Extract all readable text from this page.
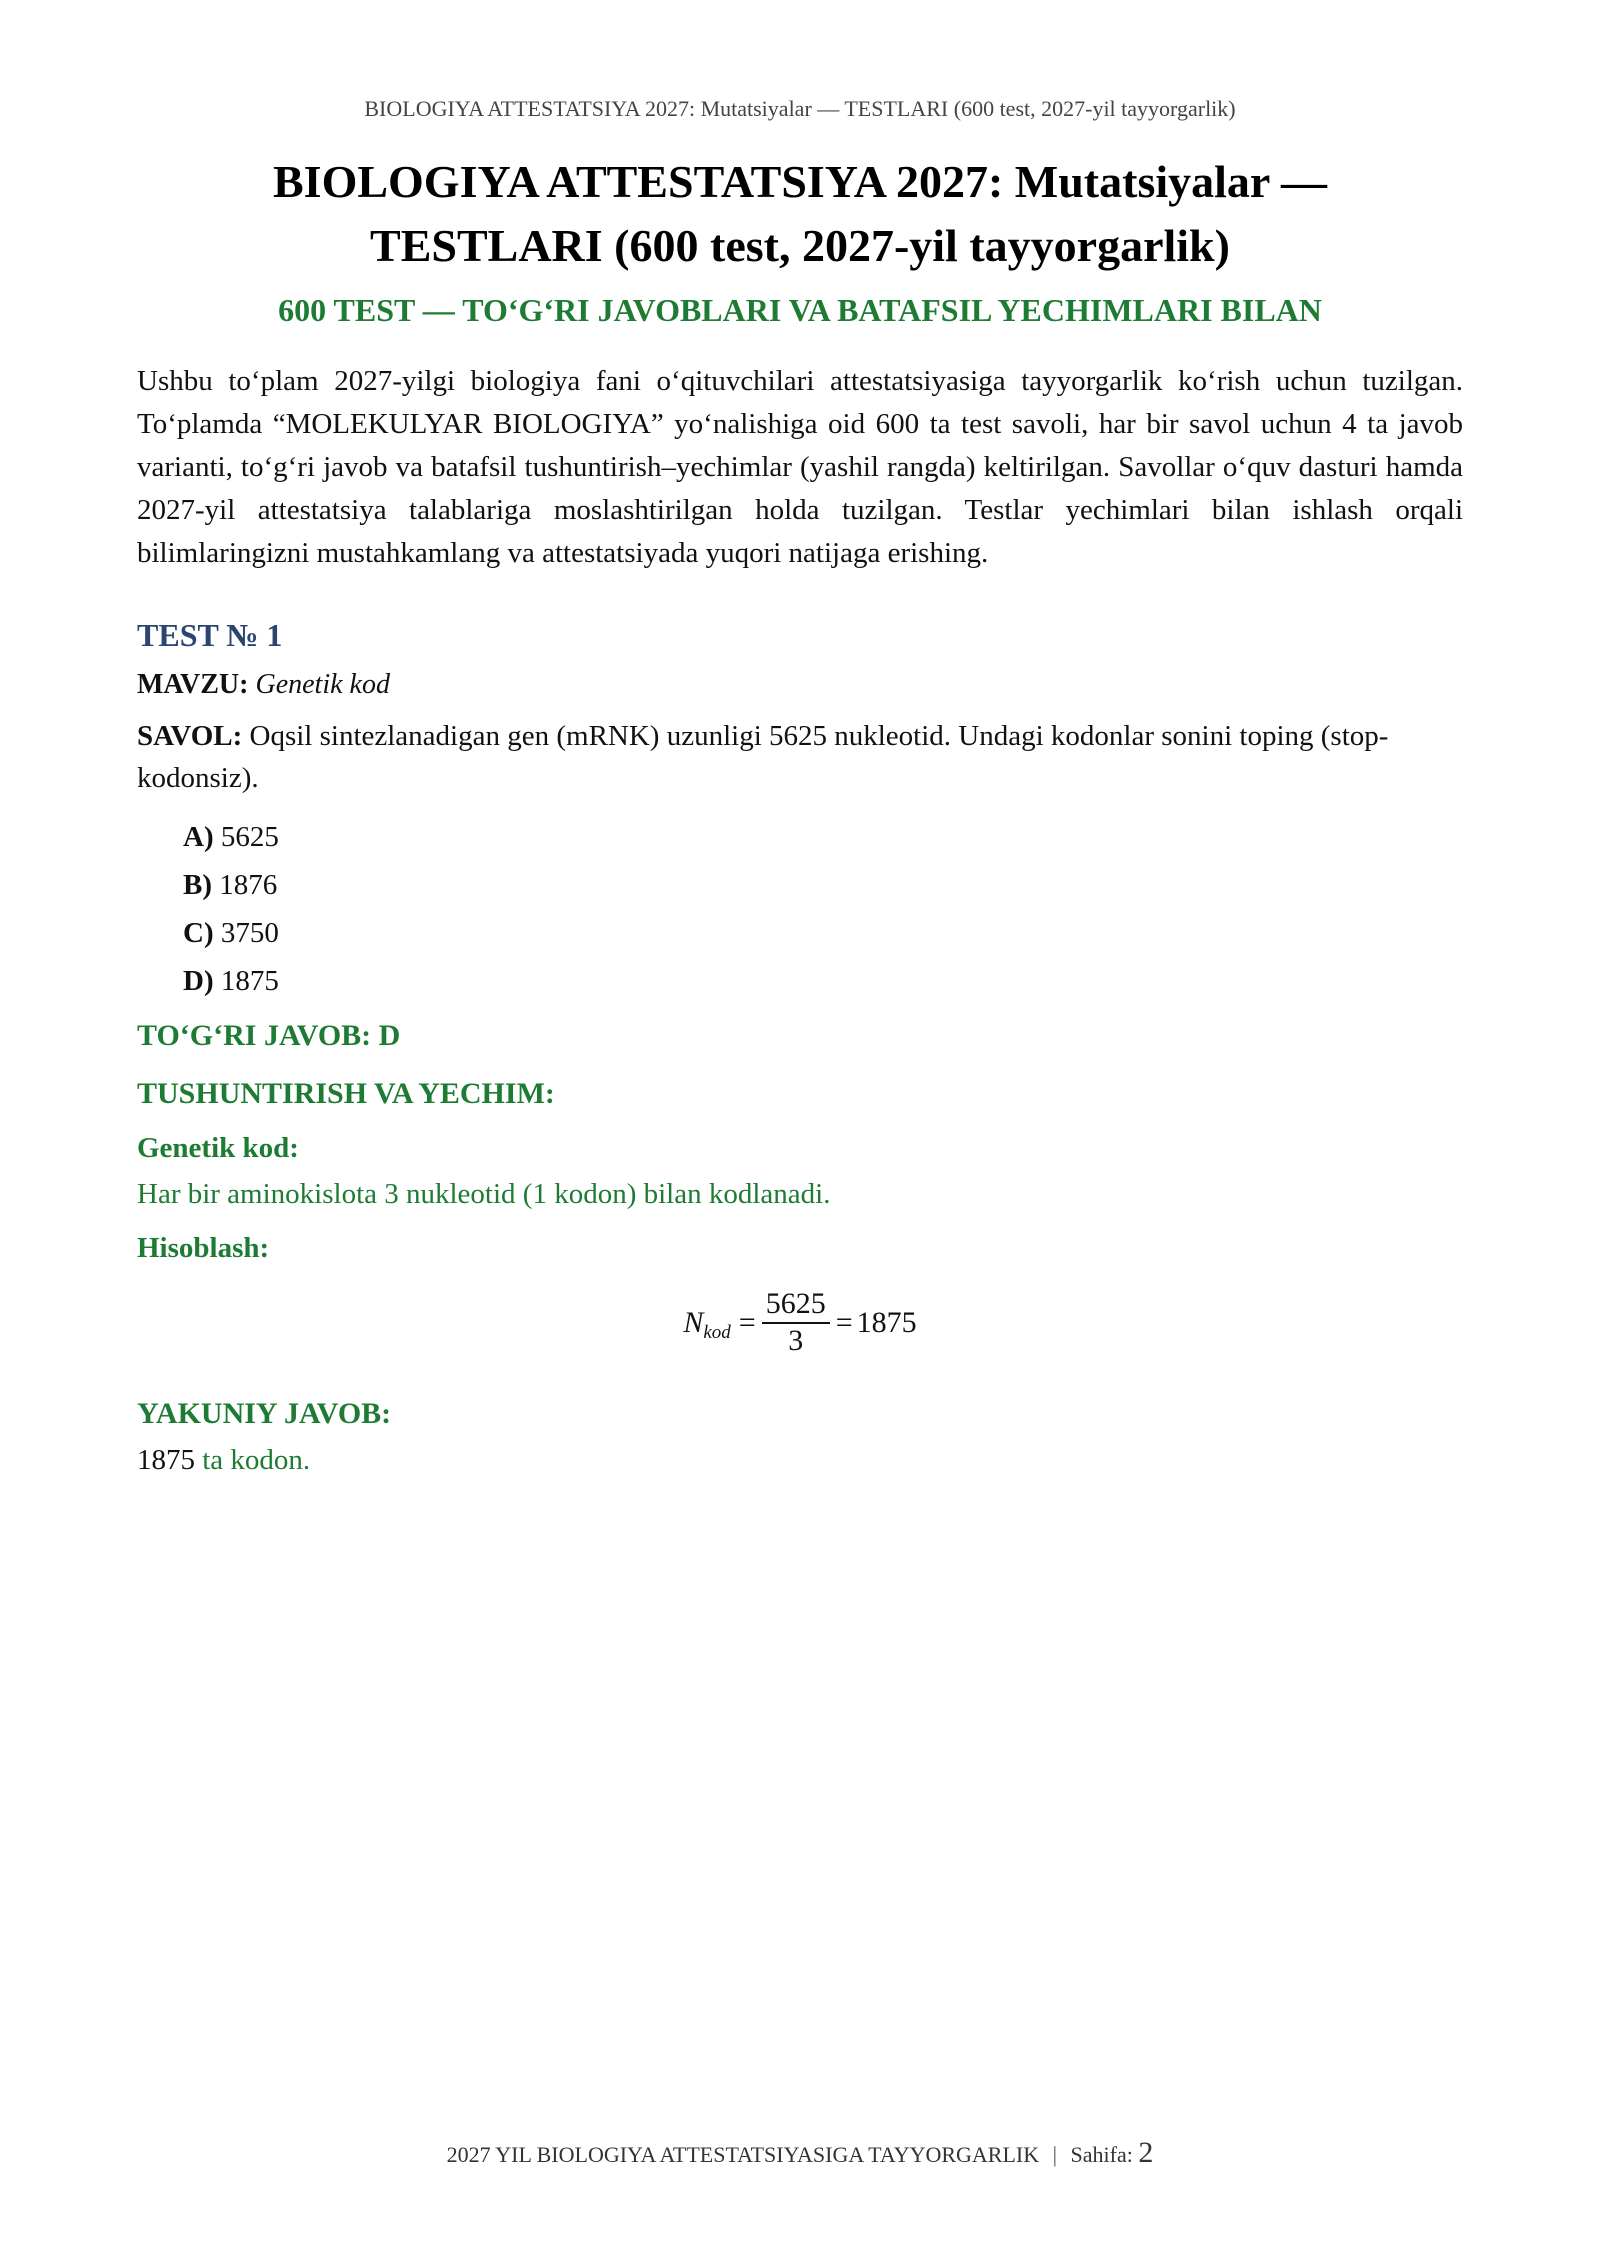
BIOLOGIYA ATTESTATSIYA 2027: Mutatsiyalar — TESTLARI (600 test, 2027-yil tayyorgarlik)
BIOLOGIYA ATTESTATSIYA 2027: Mutatsiyalar —
TESTLARI (600 test, 2027-yil tayyorgarlik)
600 TEST — TO‘G‘RI JAVOBLARI VA BATAFSIL YECHIMLARI BILAN

Ushbu to‘plam 2027-yilgi biologiya fani o‘qituvchilari attestatsiyasiga tayyorgarlik ko‘rish uchun tuzilgan. To‘plamda “MOLEKULYAR BIOLOGIYA” yo‘nalishiga oid 600 ta test savoli, har bir savol uchun 4 ta javob varianti, to‘g‘ri javob va batafsil tushuntirish–yechimlar (yashil rangda) keltirilgan. Savollar o‘quv dasturi hamda 2027-yil attestatsiya talablariga moslashtirilgan holda tuzilgan. Testlar yechimlari bilan ishlash orqali bilimlaringizni mustahkamlang va attestatsiyada yuqori natijaga erishing.

TEST № 1
MAVZU: Genetik kod
SAVOL: Oqsil sintezlanadigan gen (mRNK) uzunligi 5625 nukleotid. Undagi kodonlar sonini toping (stop-kodonsiz).
A) 5625
B) 1876
C) 3750
D) 1875
TO‘G‘RI JAVOB: D
TUSHUNTIRISH VA YECHIM:
Genetik kod:
Har bir aminokislota 3 nukleotid (1 kodon) bilan kodlanadi.
Hisoblash:
N kod = $\frac{5625}{3} = 1875$
YAKUNIY JAVOB:
1875 ta kodon.
2027 YIL BIOLOGIYA ATTESTATSIYASIGA TAYYORGARLIK | Sahifa: 2
